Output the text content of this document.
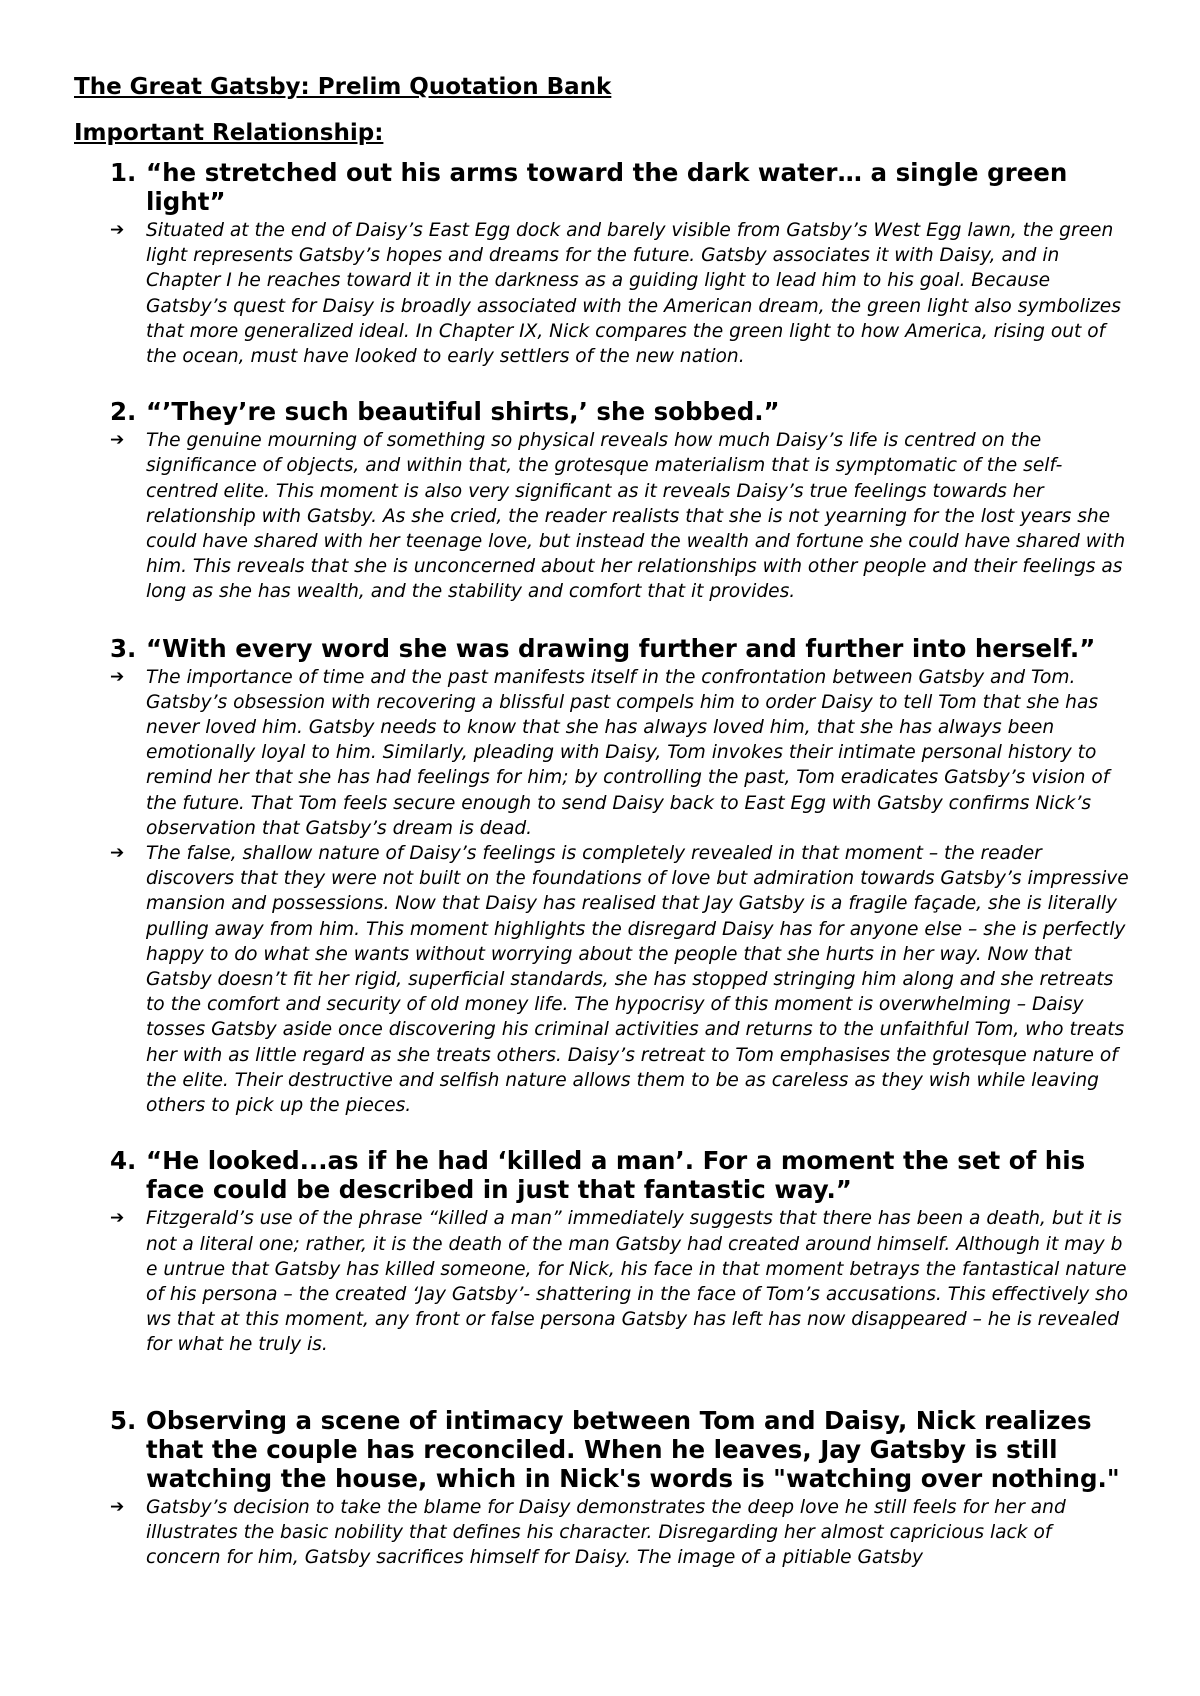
The Great Gatsby: Prelim Quotation Bank
Important Relationship:
1. “he stretched out his arms toward the dark water… a single green light”
➔	Situated at the end of Daisy’s East Egg dock and barely visible from Gatsby’s West Egg lawn, the green light represents Gatsby’s hopes and dreams for the future. Gatsby associates it with Daisy, and in Chapter I he reaches toward it in the darkness as a guiding light to lead him to his goal. Because Gatsby’s quest for Daisy is broadly associated with the American dream, the green light also symbolizes that more generalized ideal. In Chapter IX, Nick compares the green light to how America, rising out of the ocean, must have looked to early settlers of the new nation.
2. “’They’re such beautiful shirts,’ she sobbed.”
➔	The genuine mourning of something so physical reveals how much Daisy’s life is centred on the significance of objects, and within that, the grotesque materialism that is symptomatic of the self-centred elite. This moment is also very significant as it reveals Daisy’s true feelings towards her relationship with Gatsby. As she cried, the reader realists that she is not yearning for the lost years she could have shared with her teenage love, but instead the wealth and fortune she could have shared with him. This reveals that she is unconcerned about her relationships with other people and their feelings as long as she has wealth, and the stability and comfort that it provides.
3. “With every word she was drawing further and further into herself.”
➔	The importance of time and the past manifests itself in the confrontation between Gatsby and Tom. Gatsby’s obsession with recovering a blissful past compels him to order Daisy to tell Tom that she has never loved him. Gatsby needs to know that she has always loved him, that she has always been emotionally loyal to him. Similarly, pleading with Daisy, Tom invokes their intimate personal history to remind her that she has had feelings for him; by controlling the past, Tom eradicates Gatsby’s vision of the future. That Tom feels secure enough to send Daisy back to East Egg with Gatsby confirms Nick’s observation that Gatsby’s dream is dead.
➔	The false, shallow nature of Daisy’s feelings is completely revealed in that moment – the reader discovers that they were not built on the foundations of love but admiration towards Gatsby’s impressive mansion and possessions. Now that Daisy has realised that Jay Gatsby is a fragile façade, she is literally pulling away from him. This moment highlights the disregard Daisy has for anyone else – she is perfectly happy to do what she wants without worrying about the people that she hurts in her way. Now that Gatsby doesn’t fit her rigid, superficial standards, she has stopped stringing him along and she retreats to the comfort and security of old money life. The hypocrisy of this moment is overwhelming – Daisy tosses Gatsby aside once discovering his criminal activities and returns to the unfaithful Tom, who treats her with as little regard as she treats others. Daisy’s retreat to Tom emphasises the grotesque nature of the elite. Their destructive and selfish nature allows them to be as careless as they wish while leaving others to pick up the pieces.
4. “He looked...as if he had ‘killed a man’. For a moment the set of his face could be described in just that fantastic way.”
➔	Fitzgerald’s use of the phrase “killed a man” immediately suggests that there has been a death, but it is not a literal one; rather, it is the death of the man Gatsby had created around himself. Although it may be untrue that Gatsby has killed someone, for Nick, his face in that moment betrays the fantastical nature of his persona – the created ‘Jay Gatsby’- shattering in the face of Tom’s accusations. This effectively shows that at this moment, any front or false persona Gatsby has left has now disappeared – he is revealed for what he truly is.
5. Observing a scene of intimacy between Tom and Daisy, Nick realizes that the couple has reconciled. When he leaves, Jay Gatsby is still watching the house, which in Nick's words is "watching over nothing."
➔	Gatsby’s decision to take the blame for Daisy demonstrates the deep love he still feels for her and illustrates the basic nobility that defines his character. Disregarding her almost capricious lack of concern for him, Gatsby sacrifices himself for Daisy. The image of a pitiable Gatsby
